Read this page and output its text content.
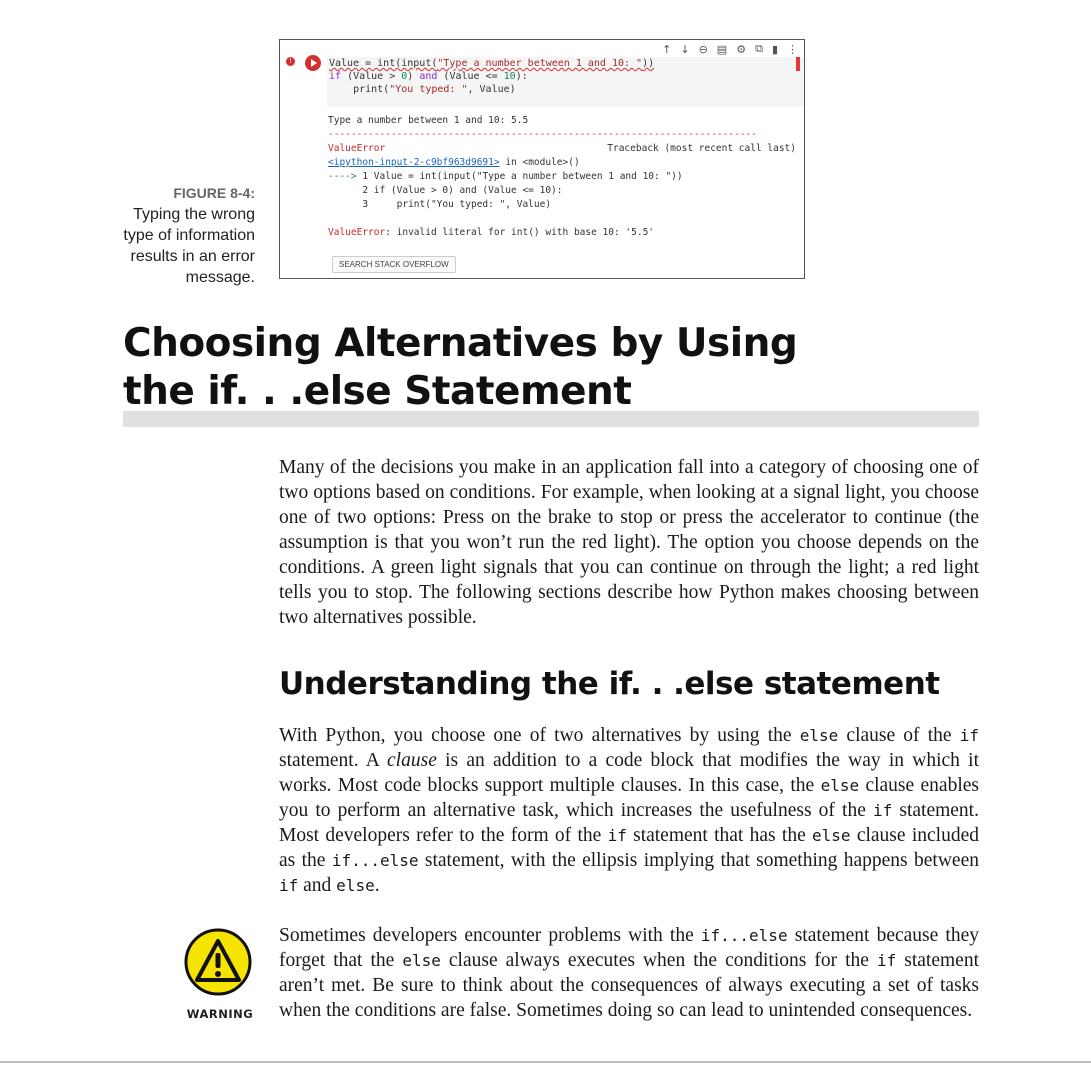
FIGURE 8-4:
Typing the wrong type of information results in an error message.
↑ ↓ ⊖ ▤ ⚙ ⧉ ▮ ⋮
!	Value = int(input("Type a number between 1 and 10: "))
if (Value > 0) and (Value <= 10):
print("You typed: ", Value)
Type a number between 1 and 10: 5.5
---------------------------------------------------------------------------
ValueError	Traceback (most recent call last)
<ipython-input-2-c9bf963d9691> in <module>()
----> 1 Value = int(input("Type a number between 1 and 10: "))
2 if (Value > 0) and (Value <= 10):
3     print("You typed: ", Value)
ValueError: invalid literal for int() with base 10: '5.5'
SEARCH STACK OVERFLOW
Choosing Alternatives by Using
the if. . .else Statement

Many of the decisions you make in an application fall into a category of choosing one of two options based on conditions. For example, when looking at a signal light, you choose one of two options: Press on the brake to stop or press the accelerator to continue (the assumption is that you won’t run the red light). The option you choose depends on the conditions. A green light signals that you can continue on through the light; a red light tells you to stop. The following sections describe how Python makes choosing between two alternatives possible.

Understanding the if. . .else statement

With Python, you choose one of two alternatives by using the else clause of the if statement. A clause is an addition to a code block that modifies the way in which it works. Most code blocks support multiple clauses. In this case, the else clause enables you to perform an alternative task, which increases the usefulness of the if statement. Most developers refer to the form of the if statement that has the else clause included as the if...else statement, with the ellipsis implying that something happens between if and else.

WARNING

Sometimes developers encounter problems with the if...else statement because they forget that the else clause always executes when the conditions for the if statement aren’t met. Be sure to think about the consequences of always executing a set of tasks when the conditions are false. Sometimes doing so can lead to unintended consequences.
